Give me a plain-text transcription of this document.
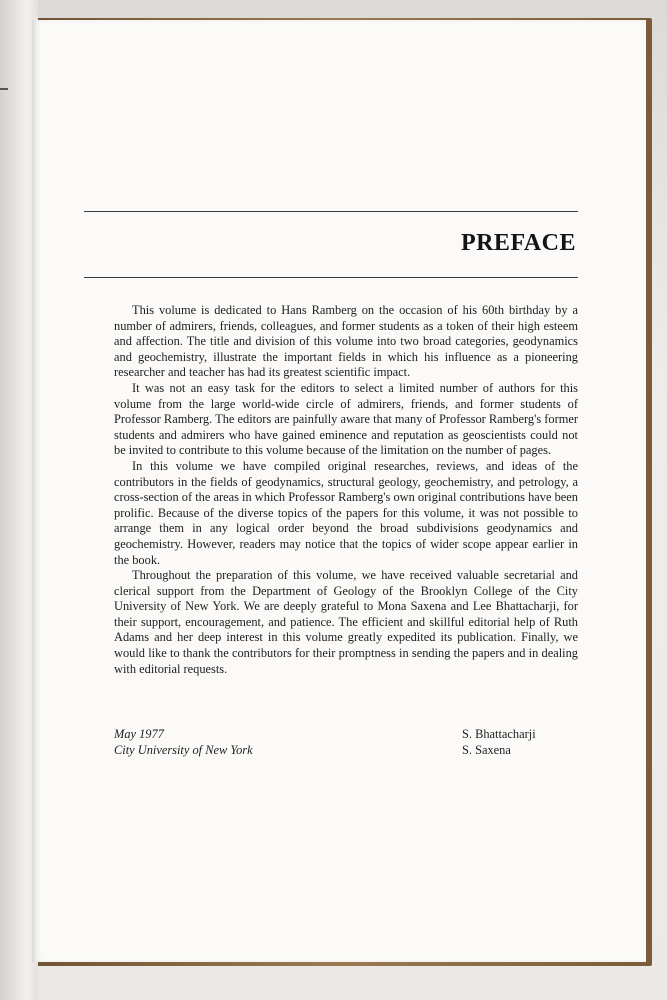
PREFACE

This volume is dedicated to Hans Ramberg on the occasion of his 60th birthday by a number of admirers, friends, colleagues, and former students as a token of their high esteem and affection. The title and division of this volume into two broad categories, geodynamics and geochemistry, illustrate the important fields in which his influence as a pioneering researcher and teacher has had its greatest scientific impact.

It was not an easy task for the editors to select a limited number of authors for this volume from the large world-wide circle of admirers, friends, and former students of Professor Ramberg. The editors are painfully aware that many of Professor Ramberg's former students and admirers who have gained eminence and reputation as geoscientists could not be invited to contribute to this volume because of the limitation on the number of pages.

In this volume we have compiled original researches, reviews, and ideas of the contributors in the fields of geodynamics, structural geology, geochemistry, and petrology, a cross-section of the areas in which Professor Ramberg's own original contributions have been prolific. Because of the diverse topics of the papers for this volume, it was not possible to arrange them in any logical order beyond the broad subdivisions geodynamics and geochemistry. However, readers may notice that the topics of wider scope appear earlier in the book.

Throughout the preparation of this volume, we have received valuable secretarial and clerical support from the Department of Geology of the Brooklyn College of the City University of New York. We are deeply grateful to Mona Saxena and Lee Bhattacharji, for their support, encouragement, and patience. The efficient and skillful editorial help of Ruth Adams and her deep interest in this volume greatly expedited its publication. Finally, we would like to thank the contributors for their promptness in sending the papers and in dealing with editorial requests.

May 1977
City University of New York
S. Bhattacharji
S. Saxena
